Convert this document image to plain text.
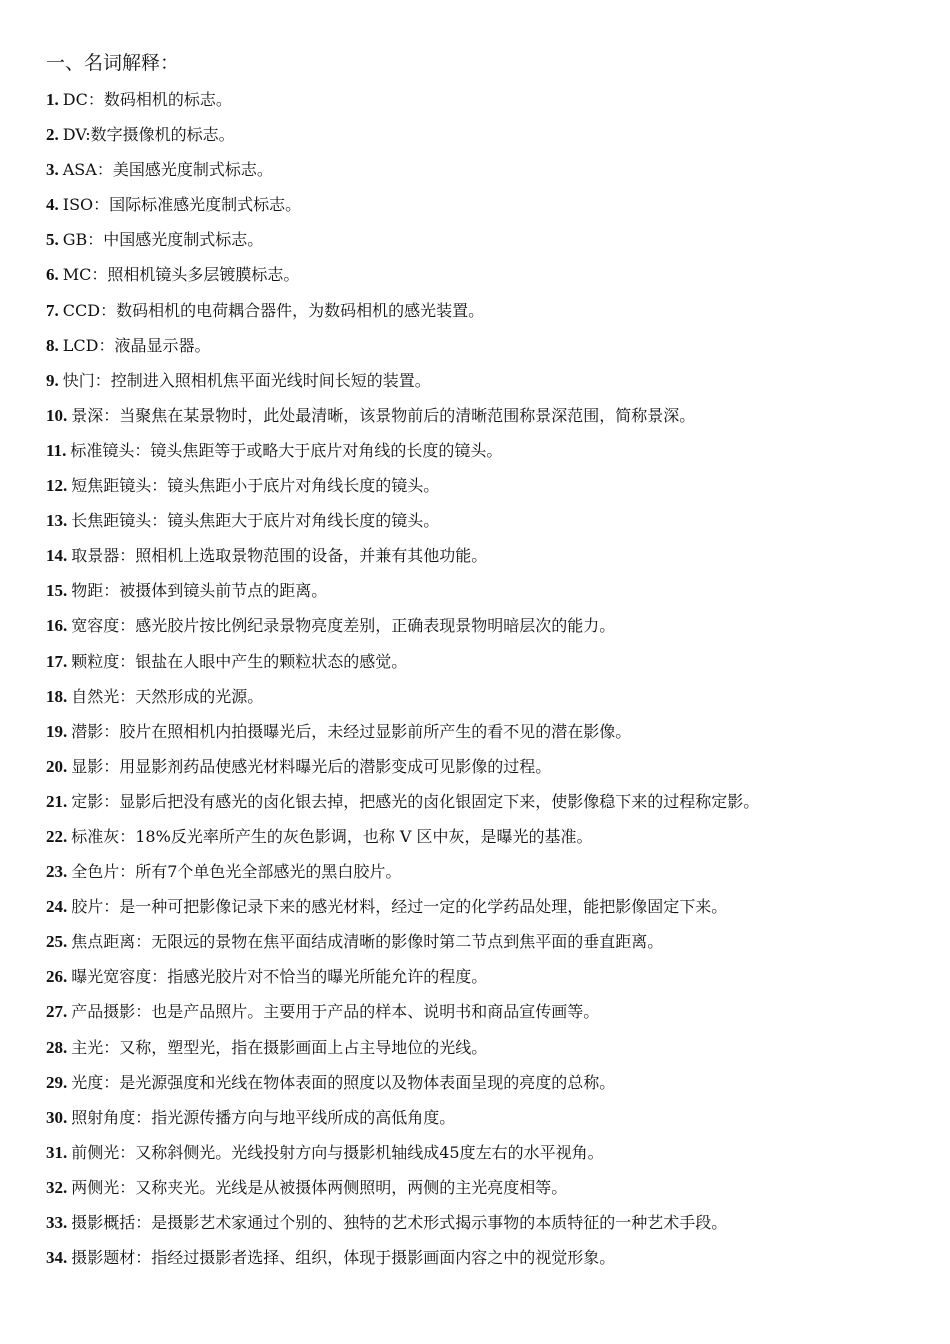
一、名词解释：
1. DC：数码相机的标志。
2. DV:数字摄像机的标志。
3. ASA：美国感光度制式标志。
4. ISO：国际标准感光度制式标志。
5. GB：中国感光度制式标志。
6. MC：照相机镜头多层镀膜标志。
7. CCD：数码相机的电荷耦合器件，为数码相机的感光装置。
8. LCD：液晶显示器。
9. 快门：控制进入照相机焦平面光线时间长短的装置。
10. 景深：当聚焦在某景物时，此处最清晰，该景物前后的清晰范围称景深范围，简称景深。
11. 标准镜头：镜头焦距等于或略大于底片对角线的长度的镜头。
12. 短焦距镜头：镜头焦距小于底片对角线长度的镜头。
13. 长焦距镜头：镜头焦距大于底片对角线长度的镜头。
14. 取景器：照相机上选取景物范围的设备，并兼有其他功能。
15. 物距：被摄体到镜头前节点的距离。
16. 宽容度：感光胶片按比例纪录景物亮度差别，正确表现景物明暗层次的能力。
17. 颗粒度：银盐在人眼中产生的颗粒状态的感觉。
18. 自然光：天然形成的光源。
19. 潜影：胶片在照相机内拍摄曝光后，未经过显影前所产生的看不见的潜在影像。
20. 显影：用显影剂药品使感光材料曝光后的潜影变成可见影像的过程。
21. 定影：显影后把没有感光的卤化银去掉，把感光的卤化银固定下来，使影像稳下来的过程称定影。
22. 标准灰：18%反光率所产生的灰色影调，也称 V 区中灰，是曝光的基准。
23. 全色片：所有7个单色光全部感光的黑白胶片。
24. 胶片：是一种可把影像记录下来的感光材料，经过一定的化学药品处理，能把影像固定下来。
25. 焦点距离：无限远的景物在焦平面结成清晰的影像时第二节点到焦平面的垂直距离。
26. 曝光宽容度：指感光胶片对不恰当的曝光所能允许的程度。
27. 产品摄影：也是产品照片。主要用于产品的样本、说明书和商品宣传画等。
28. 主光：又称，塑型光，指在摄影画面上占主导地位的光线。
29. 光度：是光源强度和光线在物体表面的照度以及物体表面呈现的亮度的总称。
30. 照射角度：指光源传播方向与地平线所成的高低角度。
31. 前侧光：又称斜侧光。光线投射方向与摄影机轴线成45度左右的水平视角。
32. 两侧光：又称夹光。光线是从被摄体两侧照明，两侧的主光亮度相等。
33. 摄影概括：是摄影艺术家通过个别的、独特的艺术形式揭示事物的本质特征的一种艺术手段。
34. 摄影题材：指经过摄影者选择、组织，体现于摄影画面内容之中的视觉形象。
